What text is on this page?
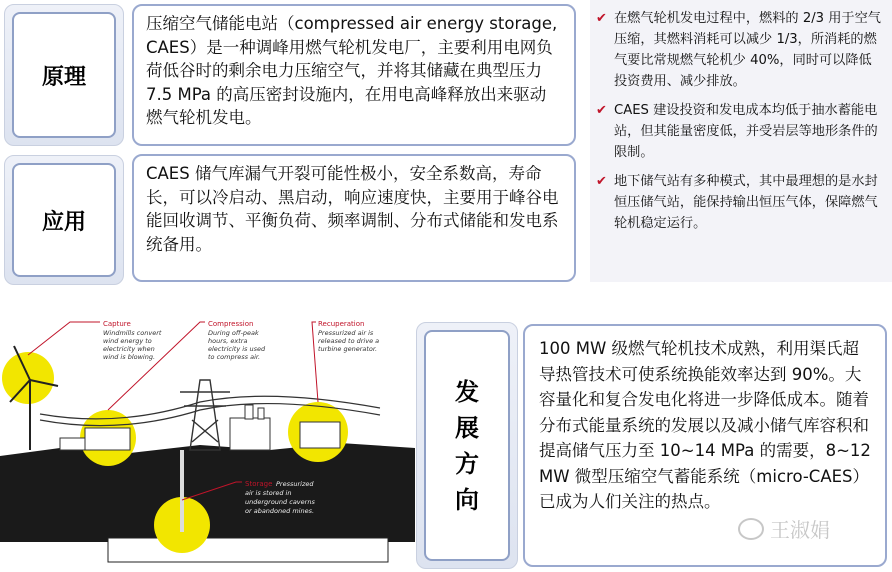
原理
压缩空气储能电站（compressed air energy storage, CAES）是一种调峰用燃气轮机发电厂，主要利用电网负荷低谷时的剩余电力压缩空气，并将其储藏在典型压力 7.5 MPa 的高压密封设施内，在用电高峰释放出来驱动燃气轮机发电。
应用
CAES 储气库漏气开裂可能性极小，安全系数高，寿命长，可以冷启动、黑启动，响应速度快，主要用于峰谷电能回收调节、平衡负荷、频率调制、分布式储能和发电系统备用。
✔ 在燃气轮机发电过程中，燃料的 2/3 用于空气压缩，其燃料消耗可以减少 1/3，所消耗的燃气要比常规燃气轮机少 40%，同时可以降低投资费用、减少排放。
✔ CAES 建设投资和发电成本均低于抽水蓄能电站，但其能量密度低，并受岩层等地形条件的限制。
✔ 地下储气站有多种模式，其中最理想的是水封恒压储气站，能保持输出恒压气体，保障燃气轮机稳定运行。
Capture
Windmills convert wind energy to electricity when wind is blowing.
Compression
During off-peak hours, extra electricity is used to compress air.
Recuperation
Pressurized air is released to drive a turbine generator.
Storage Pressurized air is stored in underground caverns or abandoned mines.
发
展
方
向
100 MW 级燃气轮机技术成熟，利用渠氏超导热管技术可使系统换能效率达到 90%。大容量化和复合发电化将进一步降低成本。随着分布式能量系统的发展以及减小储气库容积和提高储气压力至 10~14 MPa 的需要，8~12 MW 微型压缩空气蓄能系统（micro-CAES）已成为人们关注的热点。
王淑娟
